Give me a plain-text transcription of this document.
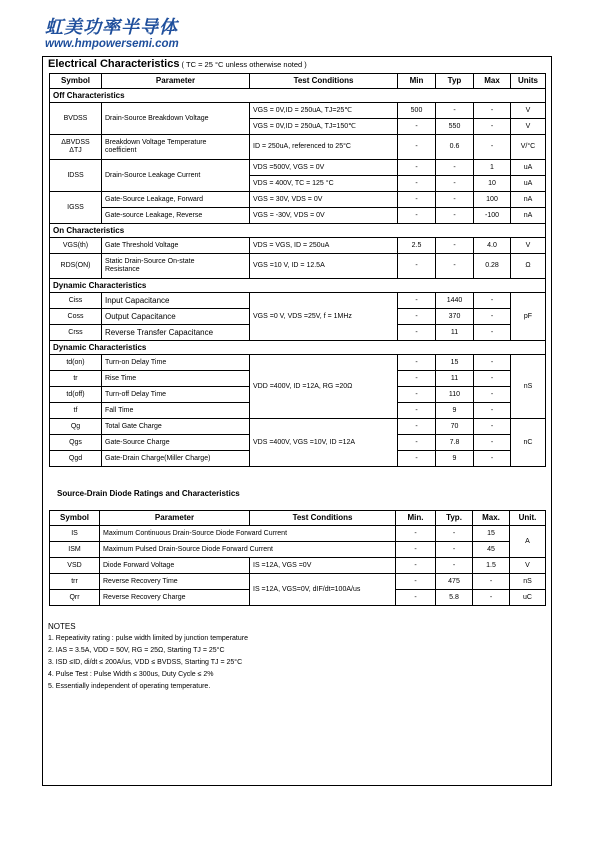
虹美功率半导体
www.hmpowersemi.com
Electrical Characteristics ( TC = 25 °C unless otherwise noted )
Symbol	Parameter	Test Conditions	Min	Typ	Max	Units
Off Characteristics						
BVDSS	Drain-Source Breakdown Voltage	VGS = 0V,ID = 250uA, TJ=25℃	500	-	-	V
		VGS = 0V,ID = 250uA, TJ=150℃	-	550	-	V
ΔBVDSS
ΔTJ	Breakdown Voltage Temperature
coefficient	ID = 250uA, referenced to 25°C	-	0.6	-	V/°C
IDSS	Drain-Source Leakage Current	VDS =500V, VGS = 0V	-	-	1	uA
		VDS = 400V, TC = 125 °C	-	-	10	uA
IGSS	Gate-Source Leakage, Forward	VGS = 30V, VDS = 0V	-	-	100	nA
	Gate-source Leakage, Reverse	VGS = -30V, VDS = 0V	-	-	-100	nA
On Characteristics						
VGS(th)	Gate Threshold Voltage	VDS = VGS, ID = 250uA	2.5	-	4.0	V
RDS(ON)	Static Drain-Source On-state
Resistance	VGS =10 V, ID = 12.5A	-	-	0.28	Ω
Dynamic Characteristics						
Ciss	Input Capacitance	VGS =0 V, VDS =25V, f = 1MHz	-	1440	-	pF
Coss	Output Capacitance		-	370	-	
Crss	Reverse Transfer Capacitance		-	11	-	
Dynamic Characteristics						
td(on)	Turn-on Delay Time	VDD =400V, ID =12A, RG =20Ω	-	15	-	nS
tr	Rise Time		-	11	-	
td(off)	Turn-off Delay Time		-	110	-	
tf	Fall Time		-	9	-	
Qg	Total Gate Charge	VDS =400V, VGS =10V, ID =12A	-	70	-	nC
Qgs	Gate-Source Charge		-	7.8	-	
Qgd	Gate-Drain Charge(Miller Charge)		-	9	-	
Source-Drain Diode Ratings and Characteristics
Symbol	Parameter	Test Conditions	Min.	Typ.	Max.	Unit.
IS	Maximum Continuous Drain-Source Diode Forward Current		-	-	15	A
ISM	Maximum Pulsed Drain-Source Diode Forward Current		-	-	45	
VSD	Diode Forward Voltage	IS =12A, VGS =0V	-	-	1.5	V
trr	Reverse Recovery Time	IS =12A, VGS=0V, dIF/dt=100A/us	-	475	-	nS
Qrr	Reverse Recovery Charge		-	5.8	-	uC
NOTES
1. Repeativity rating : pulse width limited by junction temperature
2. IAS = 3.5A, VDD = 50V, RG = 25Ω, Starting TJ = 25°C
3. ISD ≤ID, di/dt ≤ 200A/us, VDD ≤ BVDSS, Starting TJ = 25°C
4. Pulse Test : Pulse Width ≤ 300us, Duty Cycle ≤ 2%
5. Essentially independent of operating temperature.
